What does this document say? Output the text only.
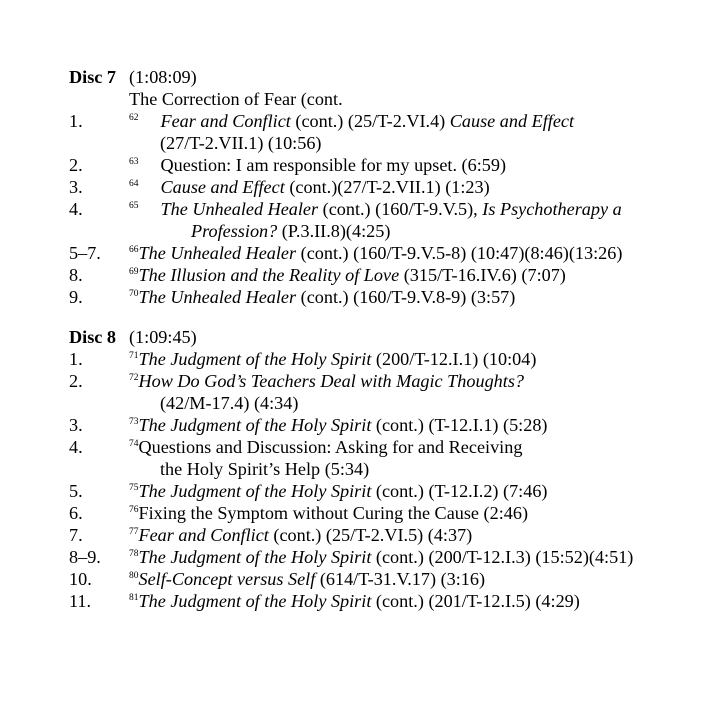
Disc 7 (1:08:09)
The Correction of Fear (cont.
1.	$^{62}$ Fear and Conflict (cont.) (25/T-2.VI.4) Cause and Effect
(27/T-2.VII.1) (10:56)
2.	$^{63}$ Question: I am responsible for my upset. (6:59)
3.	$^{64}$ Cause and Effect (cont.)(27/T-2.VII.1) (1:23)
4.	$^{65}$ The Unhealed Healer (cont.) (160/T-9.V.5), Is Psychotherapy a
Profession? (P.3.II.8)(4:25)
5–7.	$^{66}$The Unhealed Healer (cont.) (160/T-9.V.5-8) (10:47)(8:46)(13:26)
8.	$^{69}$The Illusion and the Reality of Love (315/T-16.IV.6) (7:07)
9.	$^{70}$The Unhealed Healer (cont.) (160/T-9.V.8-9) (3:57)
Disc 8 (1:09:45)
1.	$^{71}$The Judgment of the Holy Spirit (200/T-12.I.1) (10:04)
2.	$^{72}$How Do God’s Teachers Deal with Magic Thoughts?
(42/M-17.4) (4:34)
3.	$^{73}$The Judgment of the Holy Spirit (cont.) (T-12.I.1) (5:28)
4.	$^{74}$Questions and Discussion: Asking for and Receiving
the Holy Spirit’s Help (5:34)
5.	$^{75}$The Judgment of the Holy Spirit (cont.) (T-12.I.2) (7:46)
6.	$^{76}$Fixing the Symptom without Curing the Cause (2:46)
7.	$^{77}$Fear and Conflict (cont.) (25/T-2.VI.5) (4:37)
8–9.	$^{78}$The Judgment of the Holy Spirit (cont.) (200/T-12.I.3) (15:52)(4:51)
10.	$^{80}$Self-Concept versus Self (614/T-31.V.17) (3:16)
11.	$^{81}$The Judgment of the Holy Spirit (cont.) (201/T-12.I.5) (4:29)
